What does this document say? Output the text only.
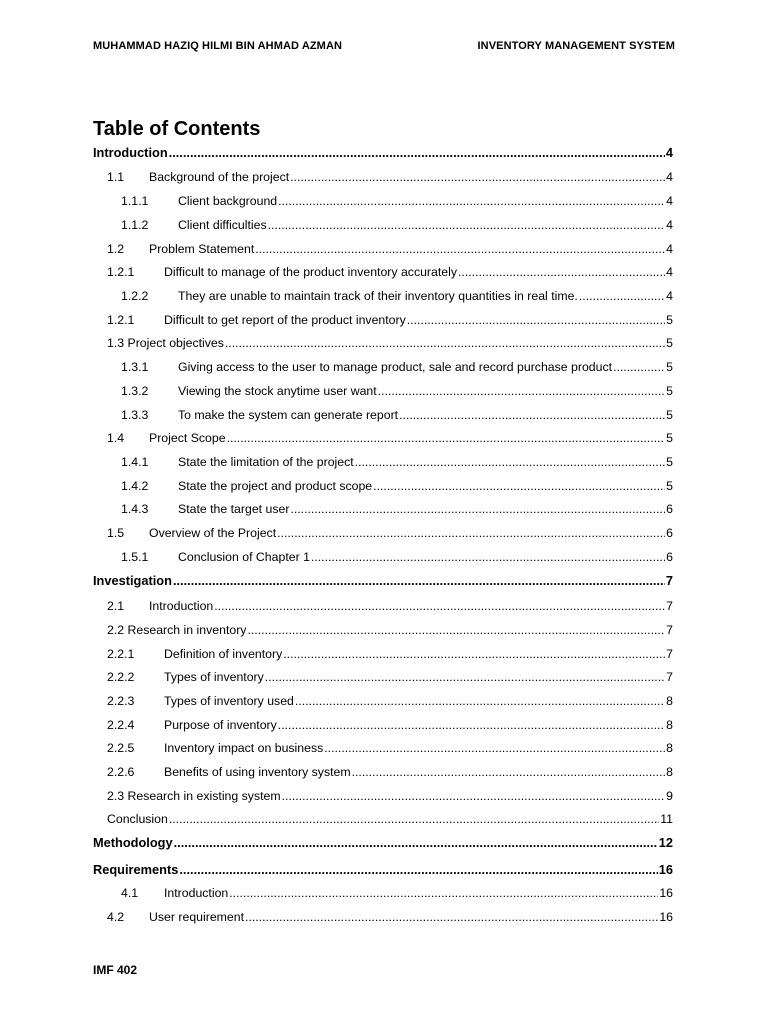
MUHAMMAD HAZIQ HILMI BIN AHMAD AZMAN	INVENTORY MANAGEMENT SYSTEM
Table of Contents
Introduction .....	4
1.1	Background of the project .....	4
1.1.1	Client background .....	4
1.1.2	Client difficulties .....	4
1.2	Problem Statement .....	4
1.2.1	Difficult to manage of the product inventory accurately .....	4
1.2.2	They are unable to maintain track of their inventory quantities in real time. .....	4
1.2.1	Difficult to get report of the product inventory .....	5
1.3 Project objectives .....	5
1.3.1	Giving access to the user to manage product, sale and record purchase product .....	5
1.3.2	Viewing the stock anytime user want .....	5
1.3.3	To make the system can generate report .....	5
1.4	Project Scope .....	5
1.4.1	State the limitation of the project .....	5
1.4.2	State the project and product scope .....	5
1.4.3	State the target user .....	6
1.5	Overview of the Project .....	6
1.5.1	Conclusion of Chapter 1 .....	6
Investigation .....	7
2.1	Introduction .....	7
2.2 Research in inventory .....	7
2.2.1	Definition of inventory .....	7
2.2.2	Types of inventory .....	7
2.2.3	Types of inventory used .....	8
2.2.4	Purpose of inventory .....	8
2.2.5	Inventory impact on business .....	8
2.2.6	Benefits of using inventory system .....	8
2.3 Research in existing system .....	9
Conclusion .....	11
Methodology .....	12
Requirements .....	16
4.1	Introduction .....	16
4.2	User requirement .....	16
IMF 402
